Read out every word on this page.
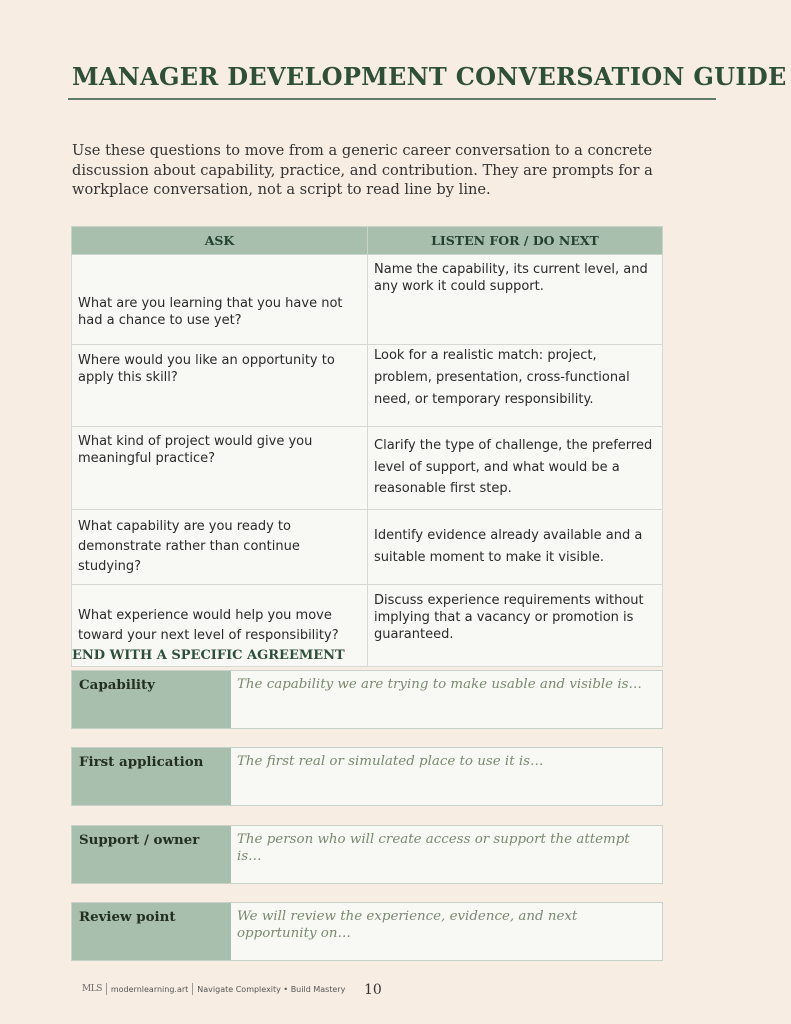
MANAGER DEVELOPMENT CONVERSATION GUIDE

Use these questions to move from a generic career conversation to a concrete discussion about capability, practice, and contribution. They are prompts for a workplace conversation, not a script to read line by line.

ASK	LISTEN FOR / DO NEXT
What are you learning that you have not had a chance to use yet?	Name the capability, its current level, and any work it could support.
Where would you like an opportunity to apply this skill?	Look for a realistic match: project, problem, presentation, cross-functional need, or temporary responsibility.
What kind of project would give you meaningful practice?	Clarify the type of challenge, the preferred level of support, and what would be a reasonable first step.
What capability are you ready to demonstrate rather than continue studying?	Identify evidence already available and a suitable moment to make it visible.
What experience would help you move toward your next level of responsibility?	Discuss experience requirements without implying that a vacancy or promotion is guaranteed.
END WITH A SPECIFIC AGREEMENT
Capability	The capability we are trying to make usable and visible is…
First application	The first real or simulated place to use it is…
Support / owner	The person who will create access or support the attempt is…
Review point	We will review the experience, evidence, and next opportunity on…
MLS modernlearning.art Navigate Complexity • Build Mastery 10
